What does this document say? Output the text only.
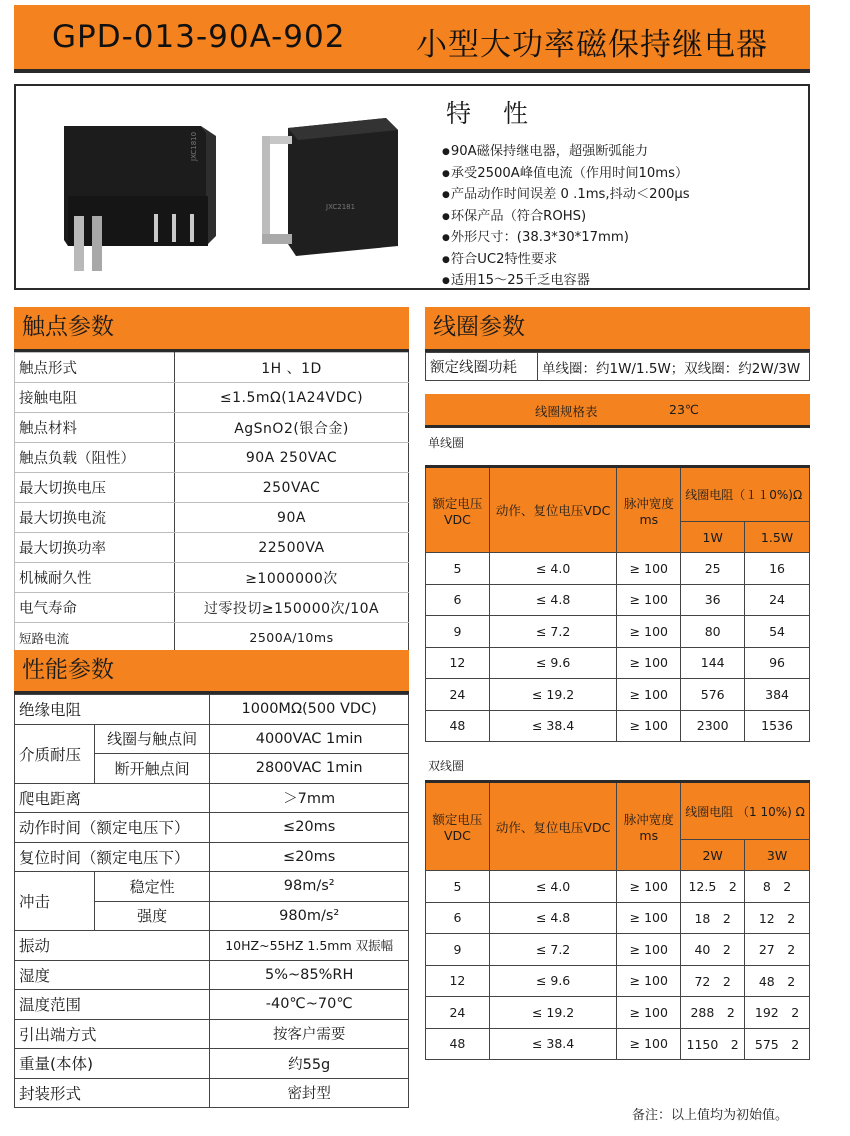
GPD-013-90A-902 小型大功率磁保持继电器
JXC1810
JXC2181
特 性
● 90A磁保持继电器，超强断弧能力
● 承受2500A峰值电流（作用时间10ms）
● 产品动作时间误差 0 .1ms,抖动＜200μs
● 环保产品（符合ROHS)
● 外形尺寸：(38.3*30*17mm)
● 符合UC2特性要求
● 适用15～25千乏电容器
触点参数
触点形式	1H 、1D
接触电阻	≤1.5mΩ(1A24VDC)
触点材料	AgSnO2(银合金)
触点负载（阻性）	90A 250VAC
最大切换电压	250VAC
最大切换电流	90A
最大切换功率	22500VA
机械耐久性	≥1000000次
电气寿命	过零投切≥150000次/10A
短路电流	2500A/10ms
性能参数
绝缘电阻		1000MΩ(500 VDC)
介质耐压	线圈与触点间	4000VAC 1min
	断开触点间	2800VAC 1min
爬电距离		＞7mm
动作时间（额定电压下）		≤20ms
复位时间（额定电压下）		≤20ms
冲击	稳定性	98m/s²
	强度	980m/s²
振动		10HZ~55HZ 1.5mm 双振幅
湿度		5%~85%RH
温度范围		-40℃~70℃
引出端方式		按客户需要
重量(本体)		约55g
封装形式		密封型
线圈参数
额定线圈功耗	单线圈：约1W/1.5W；双线圈：约2W/3W
线圈规格表	23℃
单线圈
额定电压VDC	动作、复位电压VDC	脉冲宽度ms	线圈电阻（１１0%)Ω	
			1W	1.5W
5	≤ 4.0	≥ 100	25	16
6	≤ 4.8	≥ 100	36	24
9	≤ 7.2	≥ 100	80	54
12	≤ 9.6	≥ 100	144	96
24	≤ 19.2	≥ 100	576	384
48	≤ 38.4	≥ 100	2300	1536
双线圈
额定电压VDC	动作、复位电压VDC	脉冲宽度ms	线圈电阻 （1 10%) Ω	
			2W	3W
5	≤ 4.0	≥ 100	12.5　2	8　2
6	≤ 4.8	≥ 100	18　2	12　2
9	≤ 7.2	≥ 100	40　2	27　2
12	≤ 9.6	≥ 100	72　2	48　2
24	≤ 19.2	≥ 100	288　2	192　2
48	≤ 38.4	≥ 100	1150　2	575　2
备注：以上值均为初始值。
